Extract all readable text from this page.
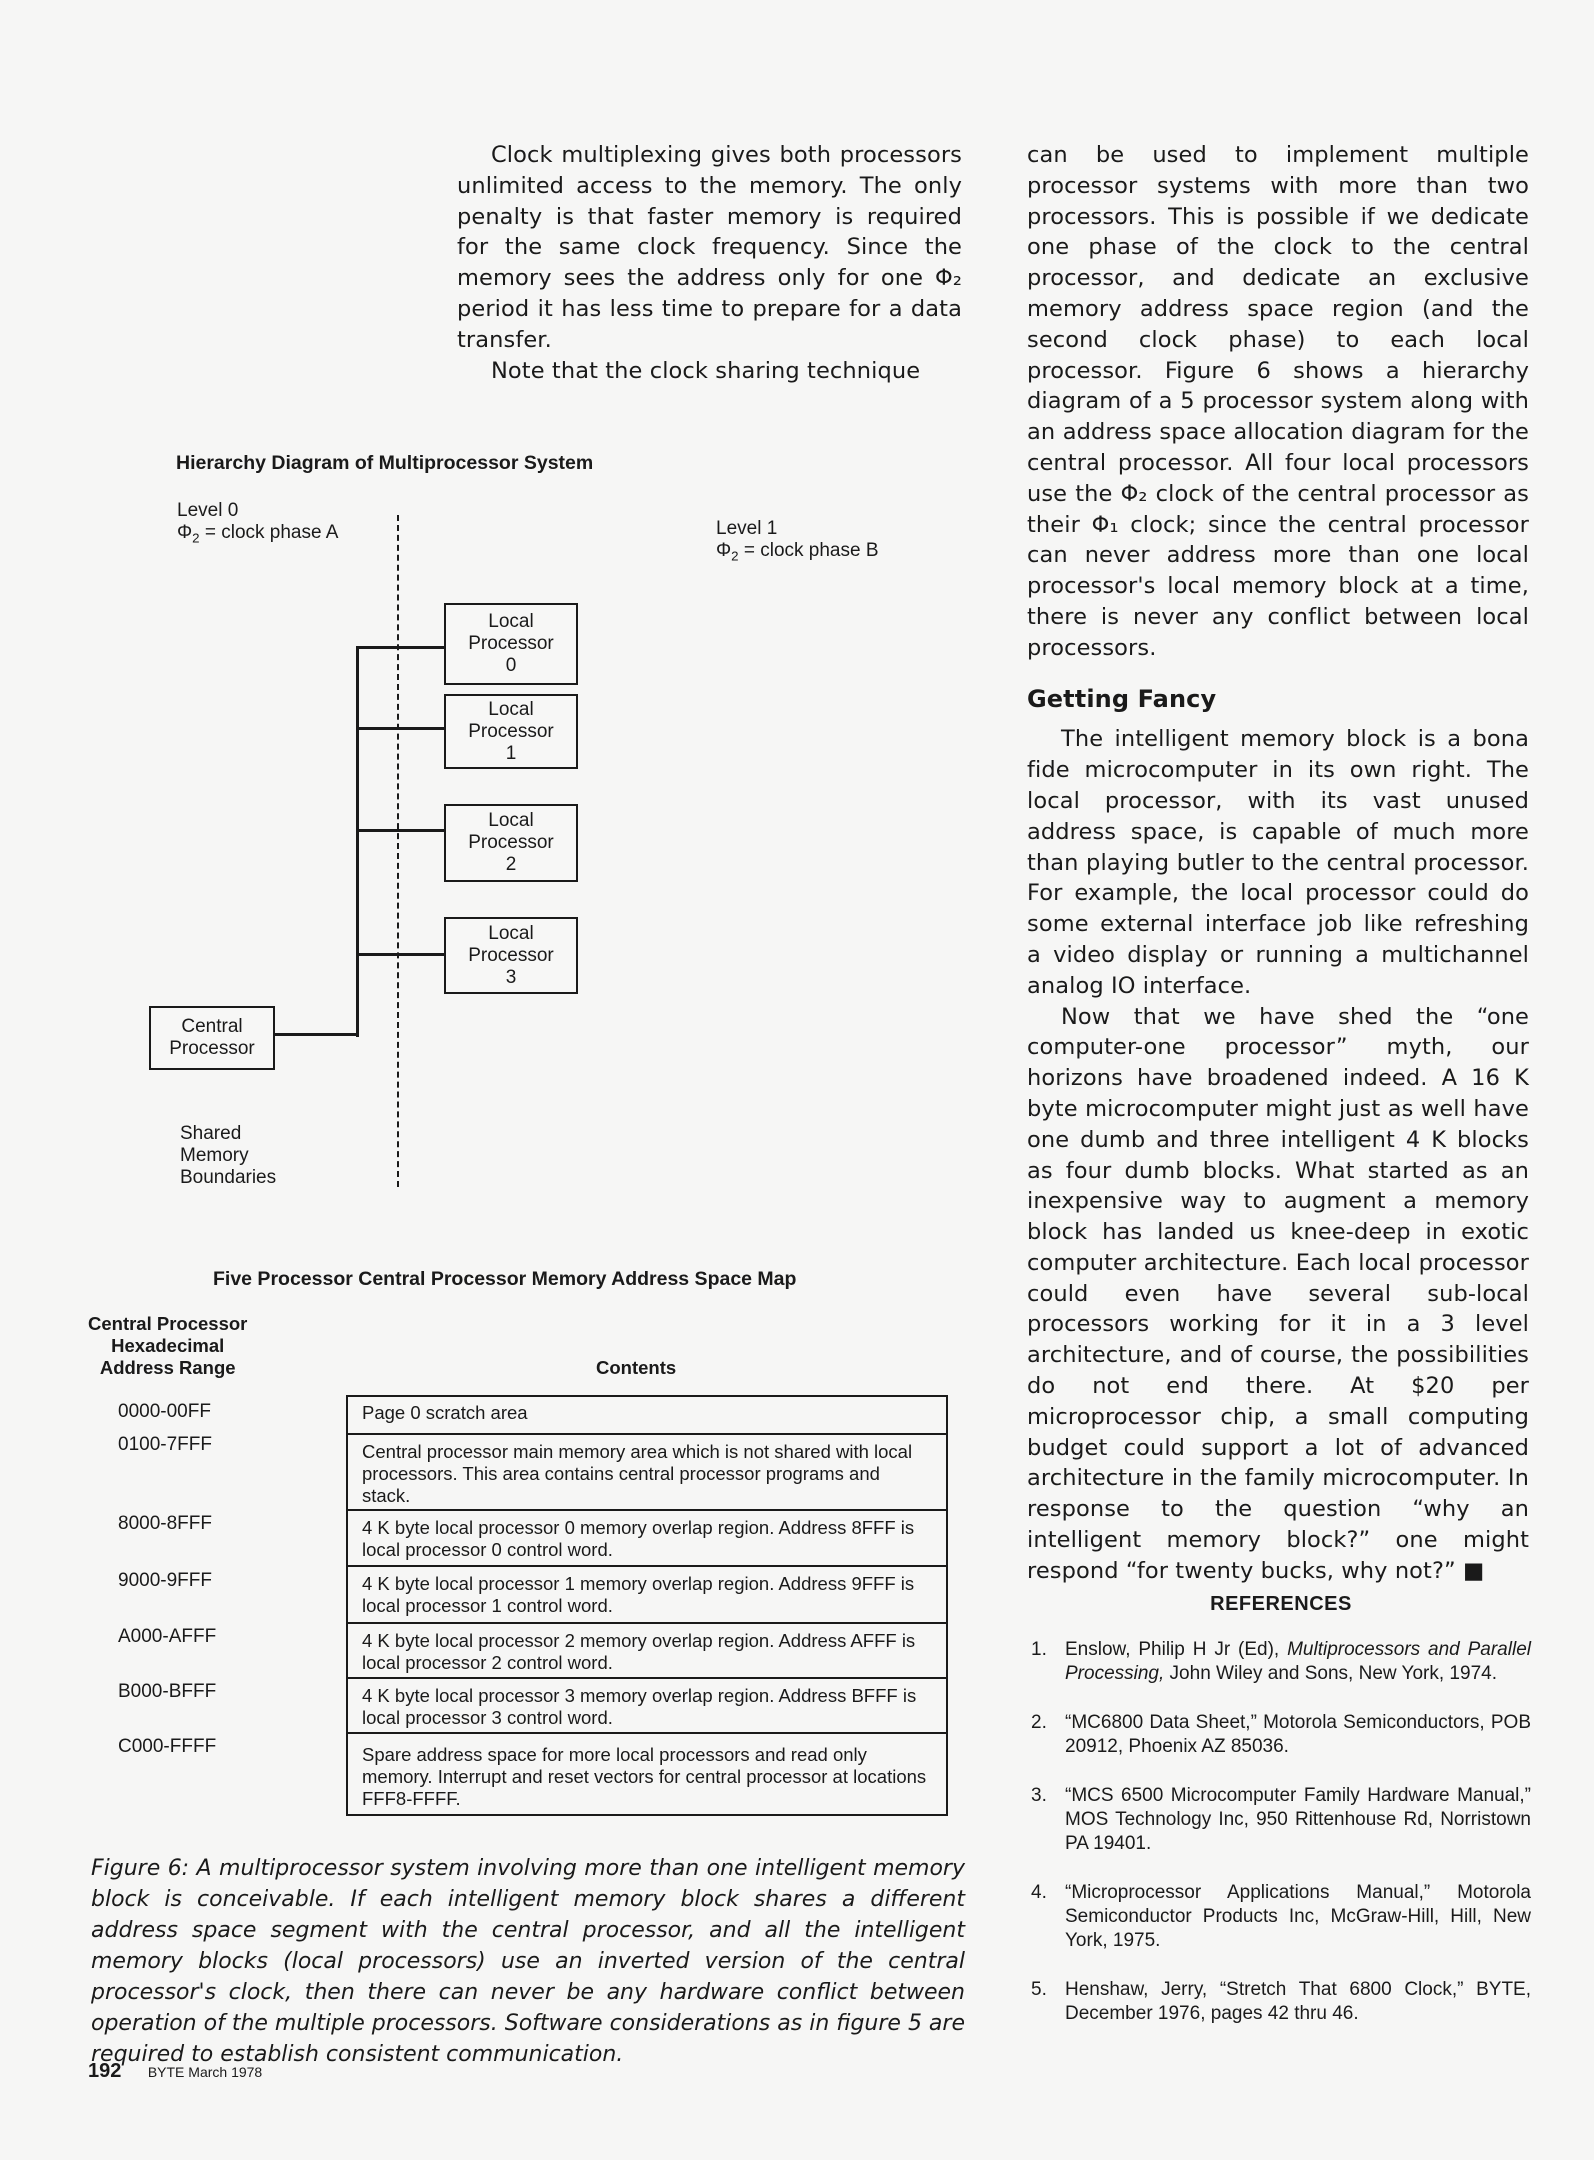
Clock multiplexing gives both processors unlimited access to the memory. The only penalty is that faster memory is required for the same clock frequency. Since the memory sees the address only for one Φ₂ period it has less time to prepare for a data transfer.

Note that the clock sharing technique

can be used to implement multiple processor systems with more than two processors. This is possible if we dedicate one phase of the clock to the central processor, and dedicate an exclusive memory address space region (and the second clock phase) to each local processor. Figure 6 shows a hierarchy diagram of a 5 processor system along with an address space allocation diagram for the central processor. All four local processors use the Φ₂ clock of the central processor as their Φ₁ clock; since the central processor can never address more than one local processor's local memory block at a time, there is never any conflict between local processors.

Getting Fancy

The intelligent memory block is a bona fide microcomputer in its own right. The local processor, with its vast unused address space, is capable of much more than playing butler to the central processor. For example, the local processor could do some external interface job like refreshing a video display or running a multichannel analog IO interface.

Now that we have shed the “one computer-one processor” myth, our horizons have broadened indeed. A 16 K byte microcomputer might just as well have one dumb and three intelligent 4 K blocks as four dumb blocks. What started as an inexpensive way to augment a memory block has landed us knee-deep in exotic computer architecture. Each local processor could even have several sub-local processors working for it in a 3 level architecture, and of course, the possibilities do not end there. At $20 per microprocessor chip, a small computing budget could support a lot of advanced architecture in the family microcomputer. In response to the question “why an intelligent memory block?” one might respond “for twenty bucks, why not?” ■

Hierarchy Diagram of Multiprocessor System
Level 0
$\Phi_2$ = clock phase A	Level 1
$\Phi_2$ = clock phase B
Local
Processor
0
Local
Processor
1
Local
Processor
2
Local
Processor
3
Central
Processor
Shared
Memory
Boundaries
Five Processor Central Processor Memory Address Space Map
Central Processor
Hexadecimal
Address Range	Contents
0000-00FF
0100-7FFF
8000-8FFF
9000-9FFF
A000-AFFF
B000-BFFF
C000-FFFF
Page 0 scratch area
Central processor main memory area which is not shared with local processors. This area contains central processor programs and stack.
4 K byte local processor 0 memory overlap region. Address 8FFF is local processor 0 control word.
4 K byte local processor 1 memory overlap region. Address 9FFF is local processor 1 control word.
4 K byte local processor 2 memory overlap region. Address AFFF is local processor 2 control word.
4 K byte local processor 3 memory overlap region. Address BFFF is local processor 3 control word.
Spare address space for more local processors and read only memory. Interrupt and reset vectors for central processor at locations FFF8-FFFF.
Figure 6: A multiprocessor system involving more than one intelligent memory block is conceivable. If each intelligent memory block shares a different address space segment with the central processor, and all the intelligent memory blocks (local processors) use an inverted version of the central processor's clock, then there can never be any hardware conflict between operation of the multiple processors. Software considerations as in figure 5 are required to establish consistent communication.
REFERENCES
1. Enslow, Philip H Jr (Ed), Multiprocessors and Parallel Processing, John Wiley and Sons, New York, 1974.
2. “MC6800 Data Sheet,” Motorola Semiconductors, POB 20912, Phoenix AZ 85036.
3. “MCS 6500 Microcomputer Family Hardware Manual,” MOS Technology Inc, 950 Rittenhouse Rd, Norristown PA 19401.
4. “Microprocessor Applications Manual,” Motorola Semiconductor Products Inc, McGraw-Hill, Hill, New York, 1975.
5. Henshaw, Jerry, “Stretch That 6800 Clock,” BYTE, December 1976, pages 42 thru 46.
192 BYTE March 1978
